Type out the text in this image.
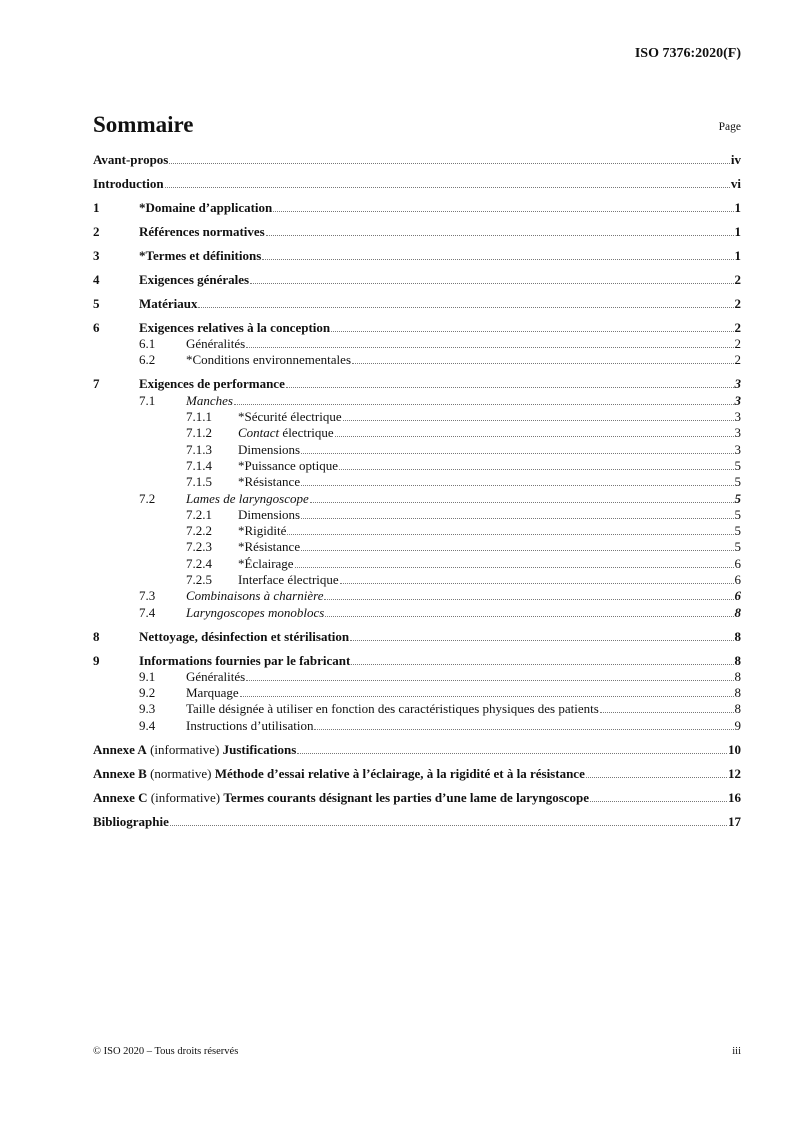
ISO 7376:2020(F)
Sommaire	Page
Avant-propos	iv
Introduction	vi
1	*Domaine d’application	1
2	Références normatives	1
3	*Termes et définitions	1
4	Exigences générales	2
5	Matériaux	2
6	Exigences relatives à la conception	2
6.1	Généralités	2
6.2	*Conditions environnementales	2
7	Exigences de performance	3
7.1	Manches	3
7.1.1	*Sécurité électrique	3
7.1.2	Contact électrique	3
7.1.3	Dimensions	3
7.1.4	*Puissance optique	5
7.1.5	*Résistance	5
7.2	Lames de laryngoscope	5
7.2.1	Dimensions	5
7.2.2	*Rigidité	5
7.2.3	*Résistance	5
7.2.4	*Éclairage	6
7.2.5	Interface électrique	6
7.3	Combinaisons à charnière	6
7.4	Laryngoscopes monoblocs	8
8	Nettoyage, désinfection et stérilisation	8
9	Informations fournies par le fabricant	8
9.1	Généralités	8
9.2	Marquage	8
9.3	Taille désignée à utiliser en fonction des caractéristiques physiques des patients	8
9.4	Instructions d’utilisation	9
Annexe A (informative) Justifications	10
Annexe B (normative) Méthode d’essai relative à l’éclairage, à la rigidité et à la résistance	12
Annexe C (informative) Termes courants désignant les parties d’une lame de laryngoscope	16
Bibliographie	17
© ISO 2020 – Tous droits réservés	iii
